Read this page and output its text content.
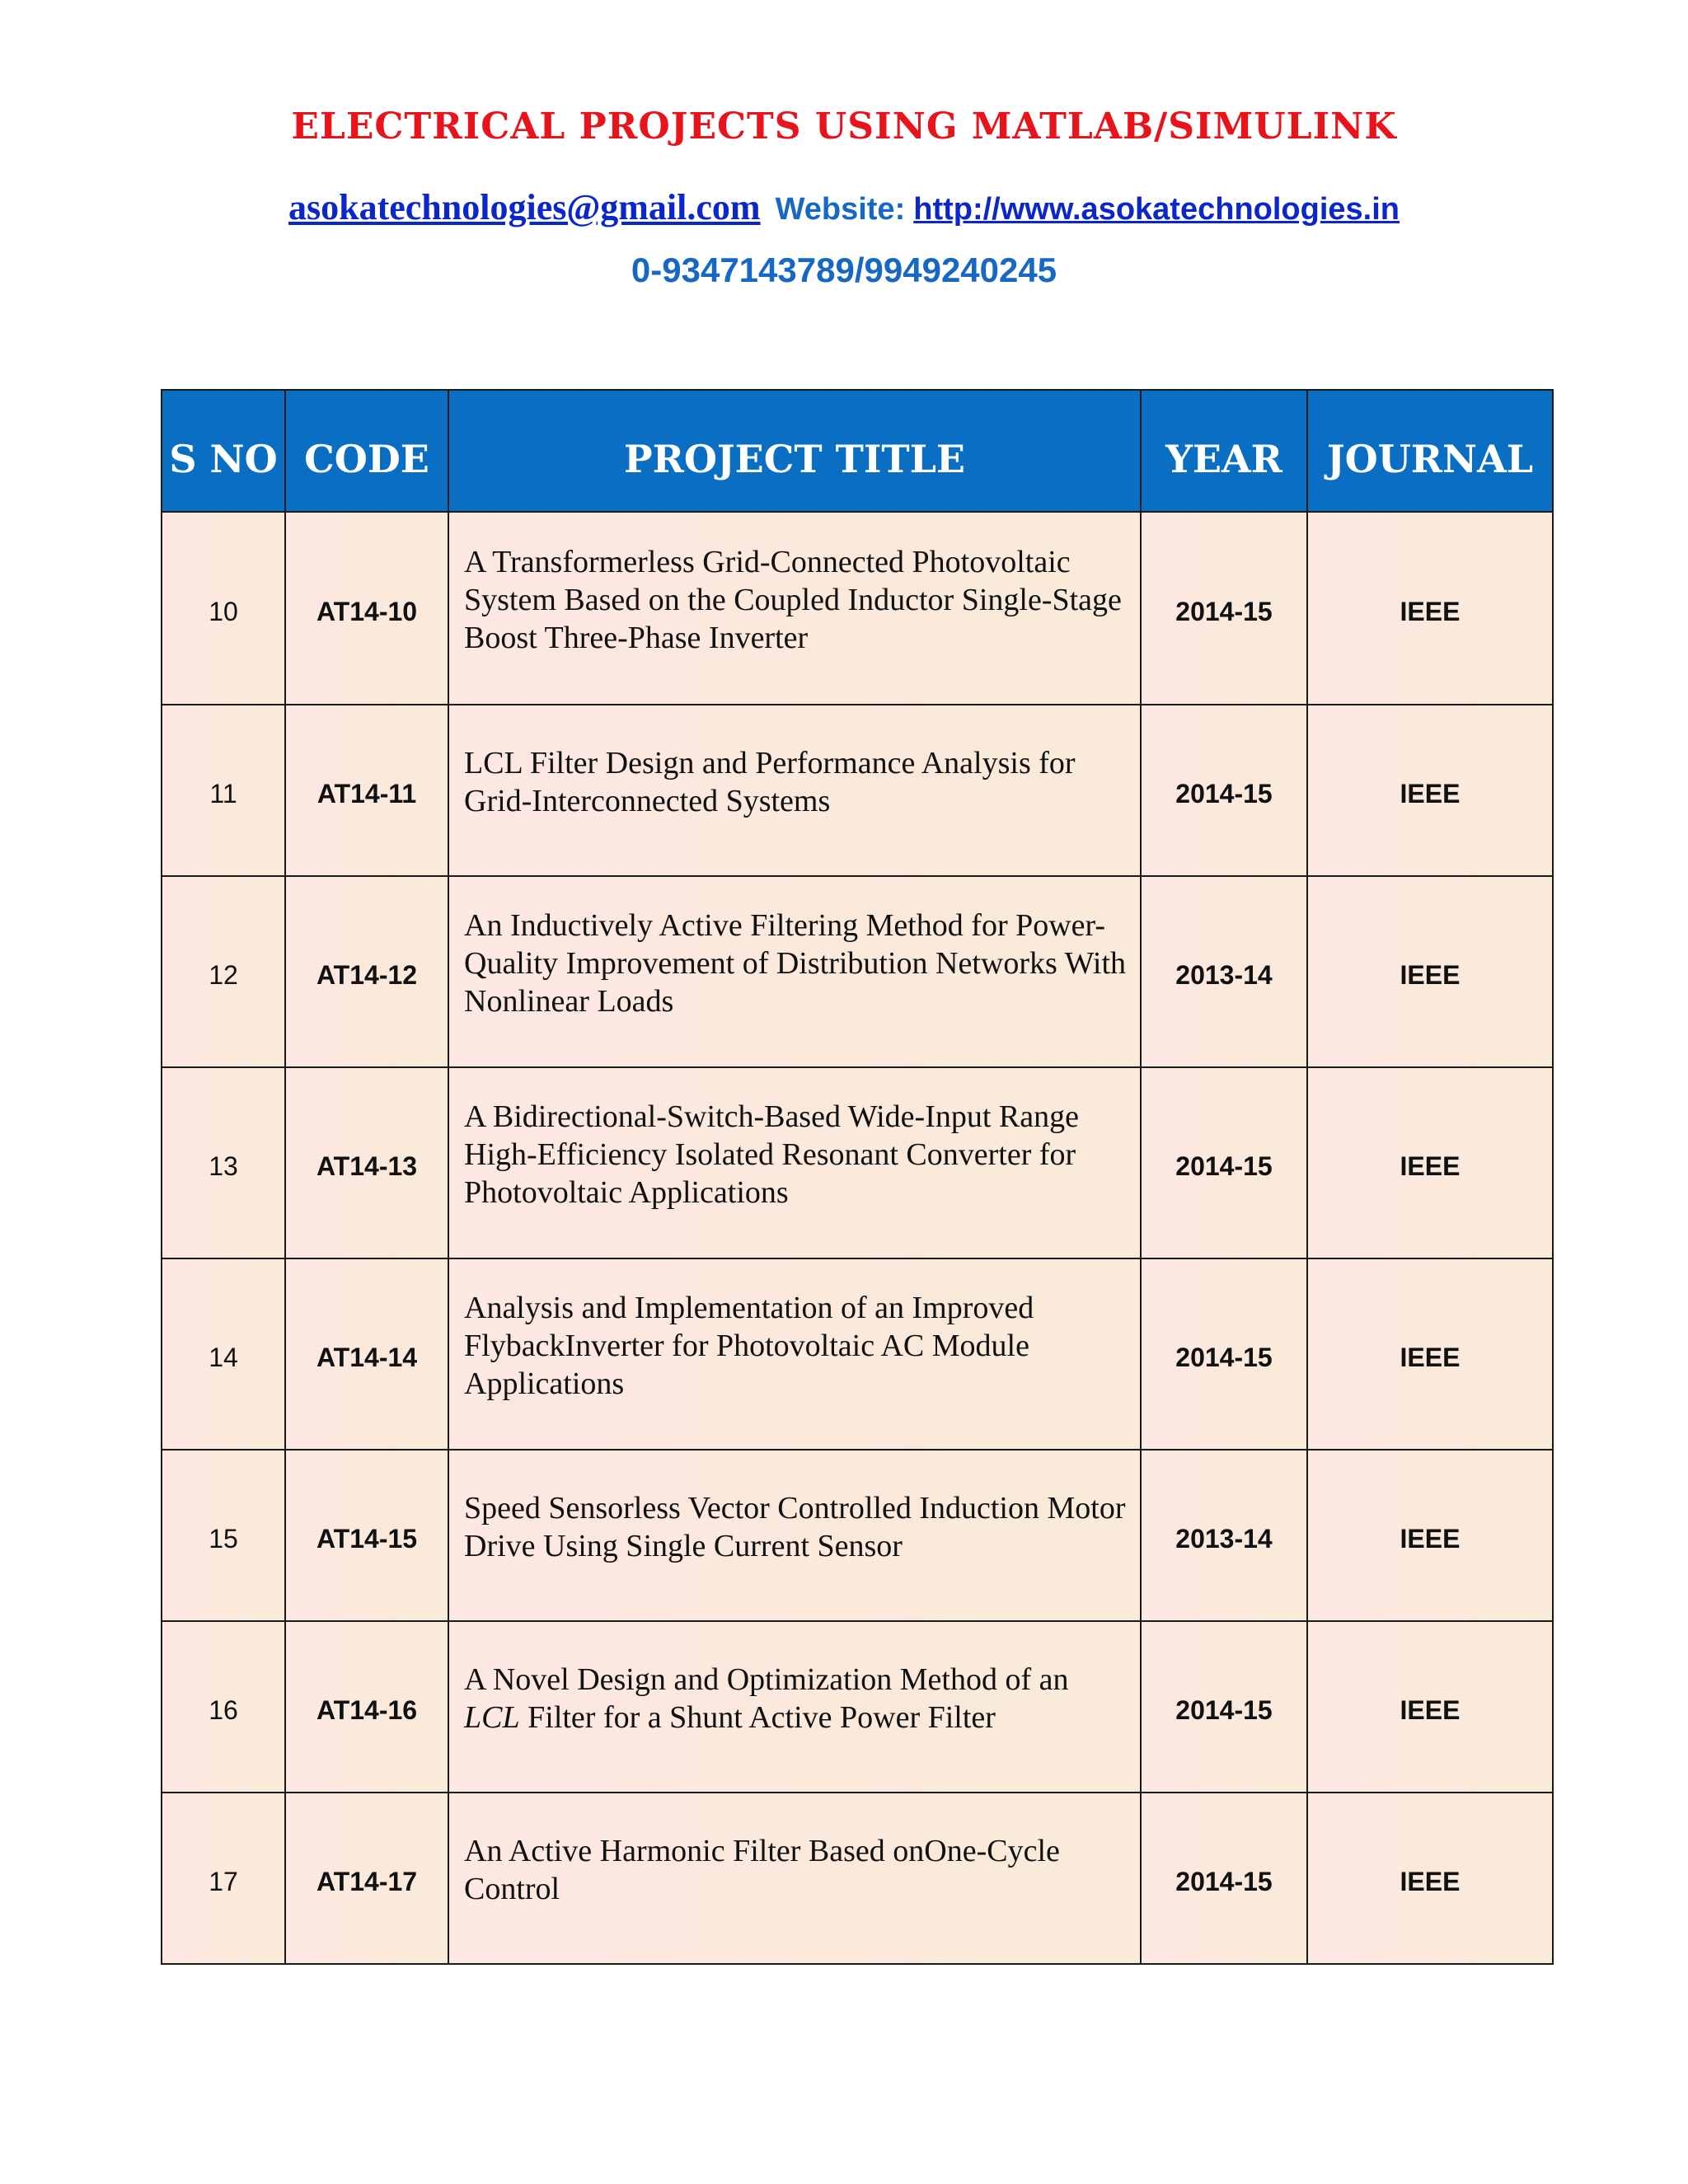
ELECTRICAL PROJECTS USING MATLAB/SIMULINK
asokatechnologies@gmail.com Website: http://www.asokatechnologies.in
0-9347143789/9949240245
S NO	CODE	PROJECT TITLE	YEAR	JOURNAL
10	AT14-10	A Transformerless Grid-Connected Photovoltaic System Based on the Coupled Inductor Single-Stage Boost Three-Phase Inverter	2014-15	IEEE
11	AT14-11	LCL Filter Design and Performance Analysis for Grid-Interconnected Systems	2014-15	IEEE
12	AT14-12	An Inductively Active Filtering Method for Power-Quality Improvement of Distribution Networks With Nonlinear Loads	2013-14	IEEE
13	AT14-13	A Bidirectional-Switch-Based Wide-Input Range High-Efficiency Isolated Resonant Converter for Photovoltaic Applications	2014-15	IEEE
14	AT14-14	Analysis and Implementation of an Improved FlybackInverter for Photovoltaic AC Module Applications	2014-15	IEEE
15	AT14-15	Speed Sensorless Vector Controlled Induction Motor Drive Using Single Current Sensor	2013-14	IEEE
16	AT14-16	A Novel Design and Optimization Method of an LCL Filter for a Shunt Active Power Filter	2014-15	IEEE
17	AT14-17	An Active Harmonic Filter Based onOne-Cycle Control	2014-15	IEEE
